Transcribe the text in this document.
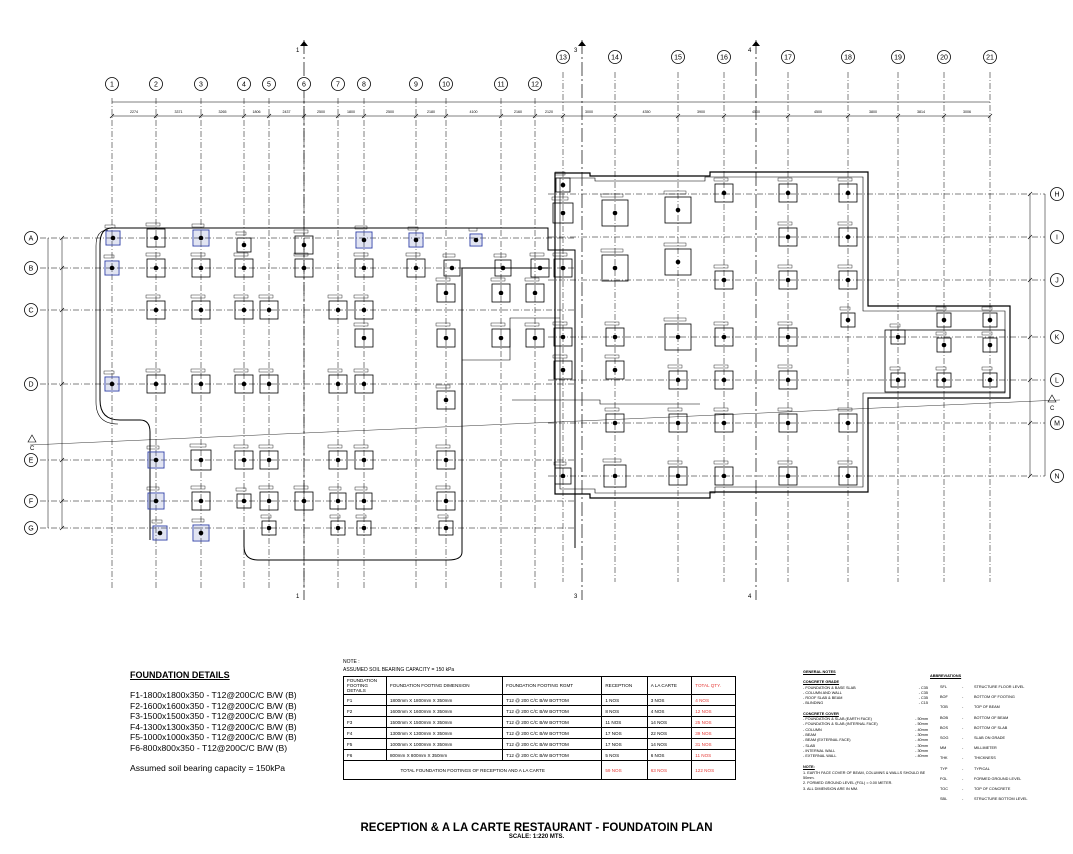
1
1
3
3
4
4
C
C
1	2	3	4	5	6	7	8	9	10	11	12
13	14	15	16	17	18	19	20	21
A
B
C
D
E
F
G
H
I
J
K
L
M
N
2274	3371	3265	1806	2437	2500	1800	2500	2180	4100	2160	2120	3000	4350	3900	4500	4500	3800	3814	3006
FOUNDATION DETAILS
F1-1800x1800x350 - T12@200C/C B/W (B)
F2-1600x1600x350 - T12@200C/C B/W (B)
F3-1500x1500x350 - T12@200C/C B/W (B)
F4-1300x1300x350 - T12@200C/C B/W (B)
F5-1000x1000x350 - T12@200C/C B/W (B)
F6-800x800x350 - T12@200C/C B/W (B)
Assumed soil bearing capacity = 150kPa
NOTE :
ASSUMED SOIL BEARING CAPACITY = 150 kPa
FOUNDATION FOOTING DETAILS	FOUNDATION FOOTING DIMENSION	FOUNDATION FOOTING RGMT	RECEPTION	A LA CARTE	TOTAL QTY.
F1	1800mm X 1800mm X 350mm	T12 @ 200 C/C B/W BOTTOM	1 NOS	3 NOS	4 NOS
F2	1600mm X 1600mm X 350mm	T12 @ 200 C/C B/W BOTTOM	8 NOS	4 NOS	12 NOS
F3	1500mm X 1500mm X 350mm	T12 @ 200 C/C B/W BOTTOM	11 NOS	14 NOS	25 NOS
F4	1300mm X 1300mm X 350mm	T12 @ 200 C/C B/W BOTTOM	17 NOS	22 NOS	39 NOS
F5	1000mm X 1000mm X 350mm	T12 @ 200 C/C B/W BOTTOM	17 NOS	14 NOS	31 NOS
F6	800mm X 800mm X 350mm	T12 @ 200 C/C B/W BOTTOM	5 NOS	6 NOS	11 NOS
TOTAL FOUNDATION FOOTINGS OF RECEPTION AND A LA CARTE			59 NOS	63 NOS	122 NOS
GENERAL NOTES
CONCRETE GRADE
- FOUNDATION & BASE SLAB	- C35
- COLUMN AND WALL	- C35
- ROOF SLAB & BEAM	- C35
- BLINDING	- C15
CONCRETE COVER
- FOUNDATION & SLAB (EARTH FACE)	- 50mm
- FOUNDATION & SLAB (INTERNAL FACE)	- 50mm
- COLUMN	- 40mm
- BEAM	- 30mm
- BEAM (EXTERNAL FACE)	- 40mm
- SLAB	- 30mm
- INTERNAL WALL	- 30mm
- EXTERNAL WALL	- 40mm
NOTE:
1. EARTH FACE COVER OF BEAM, COLUMNS & WALLS SHOULD BE 50mm.
2. FORMED GROUND LEVEL (FGL) = 0.00 METER.
3. ALL DIMENSION ARE IN MM.
ABBREVIATIONS
SFL	-	STRUCTURE FLOOR LEVEL
BOF	-	BOTTOM OF FOOTING
TOB	-	TOP OF BEAM
BOB	-	BOTTOM OF BEAM
BOS	-	BOTTOM OF SLAB
SOG	-	SLAB ON GRADE
MM	-	MILLIMETER
THK	-	THICKNESS
TYP	-	TYPICAL
FGL	-	FORMED GROUND LEVEL
TOC	-	TOP OF CONCRETE
SBL	-	STRUCTURE BOTTOM LEVEL
RECEPTION & A LA CARTE RESTAURANT - FOUNDATOIN PLAN
SCALE: 1:220 MTS.
